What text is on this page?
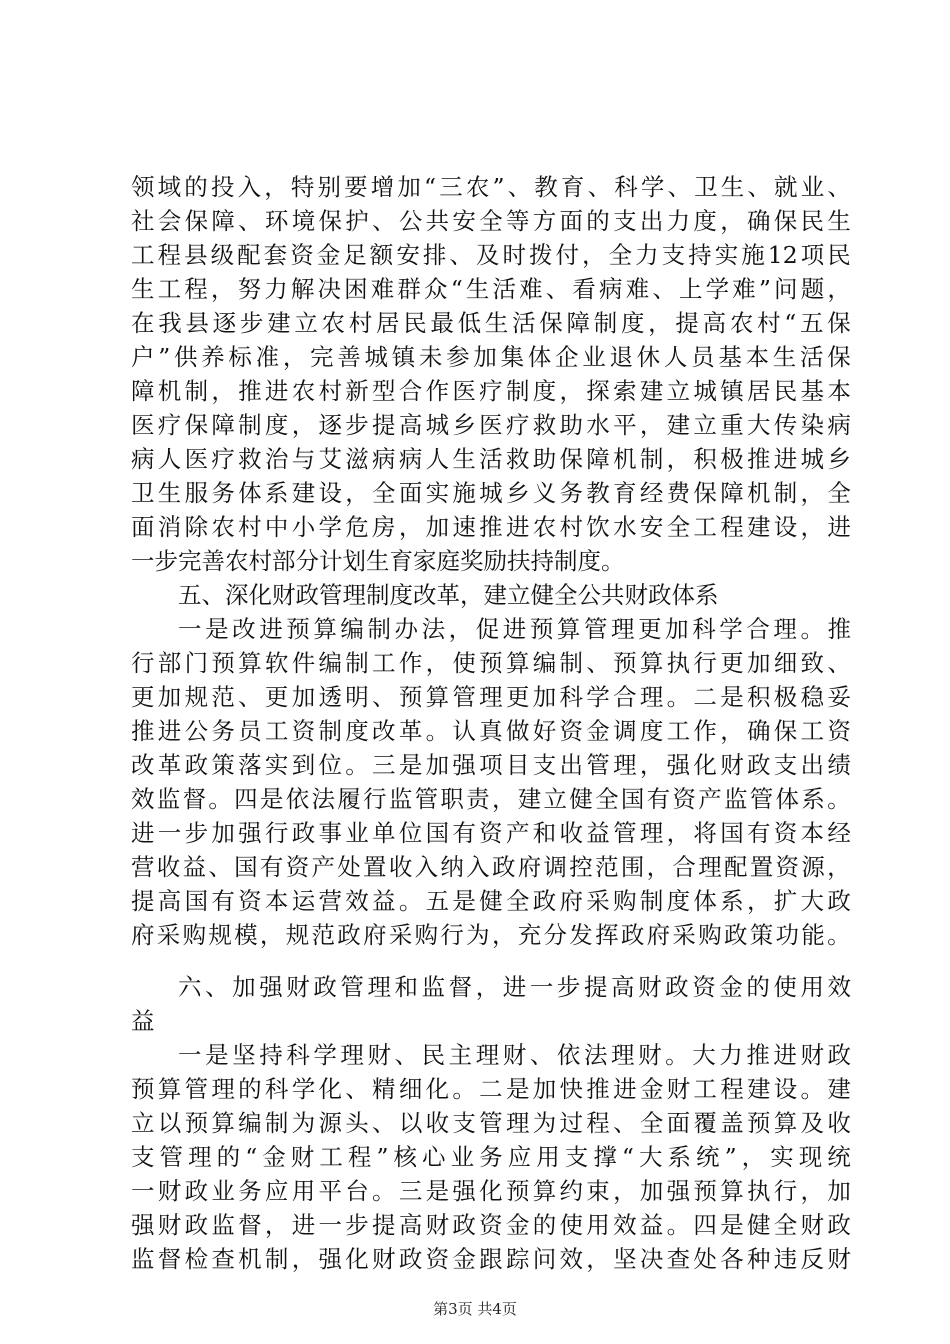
领 域 的 投 入 ， 特 别 要 增 加 “ 三 农 ” 、 教 育 、 科 学 、 卫 生 、 就 业 、
社 会 保 障 、 环 境 保 护 、 公 共 安 全 等 方 面 的 支 出 力 度 ， 确 保 民 生
工 程 县 级 配 套 资 金 足 额 安 排 、 及 时 拨 付 ， 全 力 支 持 实 施 12 项 民
生 工 程 ， 努 力 解 决 困 难 群 众 “ 生 活 难 、 看 病 难 、 上 学 难 ” 问 题 ，
在 我 县 逐 步 建 立 农 村 居 民 最 低 生 活 保 障 制 度 ， 提 高 农 村 “ 五 保
户 ” 供 养 标 准 ， 完 善 城 镇 未 参 加 集 体 企 业 退 休 人 员 基 本 生 活 保
障 机 制 ， 推 进 农 村 新 型 合 作 医 疗 制 度 ， 探 索 建 立 城 镇 居 民 基 本
医 疗 保 障 制 度 ， 逐 步 提 高 城 乡 医 疗 救 助 水 平 ， 建 立 重 大 传 染 病
病 人 医 疗 救 治 与 艾 滋 病 病 人 生 活 救 助 保 障 机 制 ， 积 极 推 进 城 乡
卫 生 服 务 体 系 建 设 ， 全 面 实 施 城 乡 义 务 教 育 经 费 保 障 机 制 ， 全
面 消 除 农 村 中 小 学 危 房 ， 加 速 推 进 农 村 饮 水 安 全 工 程 建 设 ， 进
一步完善农村部分计划生育家庭奖励扶持制度。
五、深化财政管理制度改革，建立健全公共财政体系
一 是 改 进 预 算 编 制 办 法 ， 促 进 预 算 管 理 更 加 科 学 合 理 。 推
行 部 门 预 算 软 件 编 制 工 作 ， 使 预 算 编 制 、 预 算 执 行 更 加 细 致 、
更 加 规 范 、 更 加 透 明 、 预 算 管 理 更 加 科 学 合 理 。 二 是 积 极 稳 妥
推 进 公 务 员 工 资 制 度 改 革 。 认 真 做 好 资 金 调 度 工 作 ， 确 保 工 资
改 革 政 策 落 实 到 位 。 三 是 加 强 项 目 支 出 管 理 ， 强 化 财 政 支 出 绩
效 监 督 。 四 是 依 法 履 行 监 管 职 责 ， 建 立 健 全 国 有 资 产 监 管 体 系 。
进 一 步 加 强 行 政 事 业 单 位 国 有 资 产 和 收 益 管 理 ， 将 国 有 资 本 经
营 收 益 、 国 有 资 产 处 置 收 入 纳 入 政 府 调 控 范 围 ， 合 理 配 置 资 源 ，
提 高 国 有 资 本 运 营 效 益 。 五 是 健 全 政 府 采 购 制 度 体 系 ， 扩 大 政
府 采 购 规 模 ， 规 范 政 府 采 购 行 为 ， 充 分 发 挥 政 府 采 购 政 策 功 能 。
六 、 加 强 财 政 管 理 和 监 督 ， 进 一 步 提 高 财 政 资 金 的 使 用 效
益
一 是 坚 持 科 学 理 财 、 民 主 理 财 、 依 法 理 财 。 大 力 推 进 财 政
预 算 管 理 的 科 学 化 、 精 细 化 。 二 是 加 快 推 进 金 财 工 程 建 设 。 建
立 以 预 算 编 制 为 源 头 、 以 收 支 管 理 为 过 程 、 全 面 覆 盖 预 算 及 收
支 管 理 的 “ 金 财 工 程 ” 核 心 业 务 应 用 支 撑 “ 大 系 统 ” ， 实 现 统
一 财 政 业 务 应 用 平 台 。 三 是 强 化 预 算 约 束 ， 加 强 预 算 执 行 ， 加
强 财 政 监 督 ， 进 一 步 提 高 财 政 资 金 的 使 用 效 益 。 四 是 健 全 财 政
监 督 检 查 机 制 ， 强 化 财 政 资 金 跟 踪 问 效 ， 坚 决 查 处 各 种 违 反 财
第3页 共4页
